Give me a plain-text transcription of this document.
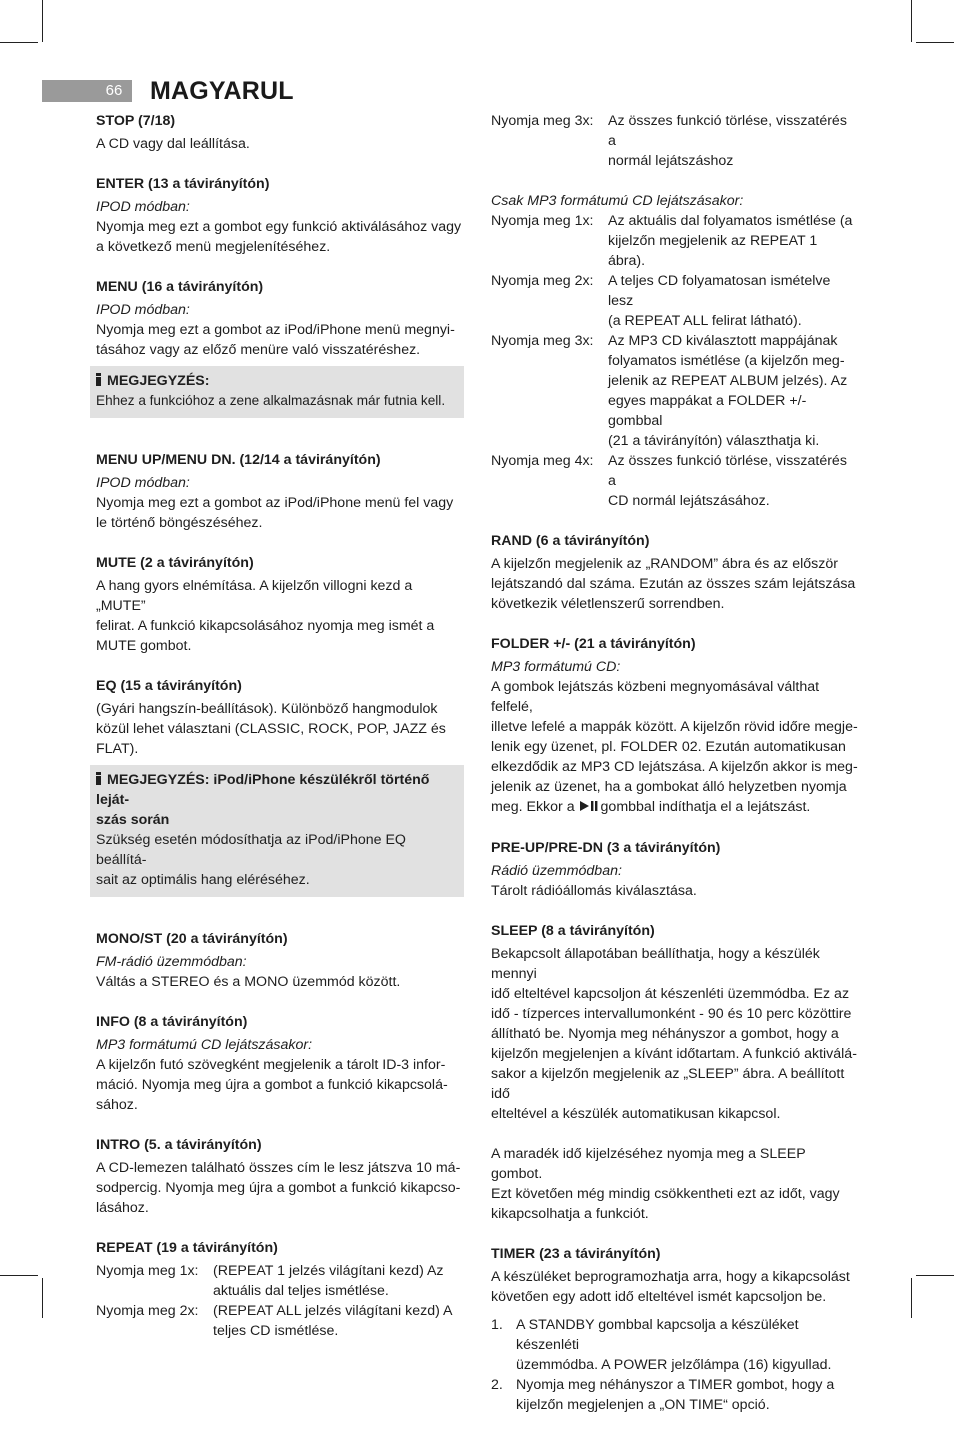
66	MAGYARUL

STOP (7/18)

A CD vagy dal leállítása.

ENTER (13 a távirányítón)

IPOD módban:

Nyomja meg ezt a gombot egy funkció aktiválásához vagy

a következő menü megjelenítéséhez.

MENU (16 a távirányítón)

IPOD módban:

Nyomja meg ezt a gombot az iPod/iPhone menü megnyi-

tásához vagy az előző menüre való visszatéréshez.

MEGJEGYZÉS:

Ehhez a funkcióhoz a zene alkalmazásnak már futnia kell.

MENU UP/MENU DN. (12/14 a távirányítón)

IPOD módban:

Nyomja meg ezt a gombot az iPod/iPhone menü fel vagy

le történő böngészéséhez.

MUTE (2 a távirányítón)

A hang gyors elnémítása. A kijelzőn villogni kezd a „MUTE”

felirat. A funkció kikapcsolásához nyomja meg ismét a

MUTE gombot.

EQ (15 a távirányítón)

(Gyári hangszín-beállítások). Különböző hangmodulok

közül lehet választani (CLASSIC, ROCK, POP, JAZZ és FLAT).

MEGJEGYZÉS: iPod/iPhone készülékről történő leját-

szás során

Szükség esetén módosíthatja az iPod/iPhone EQ beállítá-

sait az optimális hang eléréséhez.

MONO/ST (20 a távirányítón)

FM-rádió üzemmódban:

Váltás a STEREO és a MONO üzemmód között.

INFO (8 a távirányítón)

MP3 formátumú CD lejátszásakor:

A kijelzőn futó szövegként megjelenik a tárolt ID-3 infor-

máció. Nyomja meg újra a gombot a funkció kikapcsolá-

sához.

INTRO (5. a távirányítón)

A CD-lemezen található összes cím le lesz játszva 10 má-

sodpercig. Nyomja meg újra a gombot a funkció kikapcso-

lásához.

REPEAT (19 a távirányítón)

Nyomja meg 1x:	(REPEAT 1 jelzés világítani kezd) Az

aktuális dal teljes ismétlése.

Nyomja meg 2x:	(REPEAT ALL jelzés világítani kezd) A

teljes CD ismétlése.

Nyomja meg 3x:	Az összes funkció törlése, visszatérés a

normál lejátszáshoz

Csak MP3 formátumú CD lejátszásakor:

Nyomja meg 1x:	Az aktuális dal folyamatos ismétlése (a

kijelzőn megjelenik az REPEAT 1 ábra).

Nyomja meg 2x:	A teljes CD folyamatosan ismételve lesz

(a REPEAT ALL felirat látható).

Nyomja meg 3x:	Az MP3 CD kiválasztott mappájának

folyamatos ismétlése (a kijelzőn meg-

jelenik az REPEAT ALBUM jelzés). Az

egyes mappákat a FOLDER +/- gombbal

(21 a távirányítón) választhatja ki.

Nyomja meg 4x:	Az összes funkció törlése, visszatérés a

CD normál lejátszásához.

RAND (6 a távirányítón)

A kijelzőn megjelenik az „RANDOM” ábra és az először

lejátszandó dal száma. Ezután az összes szám lejátszása

következik véletlenszerű sorrendben.

FOLDER +/- (21 a távirányítón)

MP3 formátumú CD:

A gombok lejátszás közbeni megnyomásával válthat felfelé,

illetve lefelé a mappák között. A kijelzőn rövid időre megje-

lenik egy üzenet, pl. FOLDER 02. Ezután automatikusan

elkezdődik az MP3 CD lejátszása. A kijelzőn akkor is meg-

jelenik az üzenet, ha a gombokat álló helyzetben nyomja

meg. Ekkor a gombbal indíthatja el a lejátszást.

PRE-UP/PRE-DN (3 a távirányítón)

Rádió üzemmódban:

Tárolt rádióállomás kiválasztása.

SLEEP (8 a távirányítón)

Bekapcsolt állapotában beállíthatja, hogy a készülék mennyi

idő elteltével kapcsoljon át készenléti üzemmódba. Ez az

idő - tízperces intervallumonként - 90 és 10 perc közöttire

állítható be. Nyomja meg néhányszor a gombot, hogy a

kijelzőn megjelenjen a kívánt időtartam. A funkció aktiválá-

sakor a kijelzőn megjelenik az „SLEEP” ábra. A beállított idő

elteltével a készülék automatikusan kikapcsol.

A maradék idő kijelzéséhez nyomja meg a SLEEP gombot.

Ezt követően még mindig csökkentheti ezt az időt, vagy

kikapcsolhatja a funkciót.

TIMER (23 a távirányítón)

A készüléket beprogramozhatja arra, hogy a kikapcsolást

követően egy adott idő elteltével ismét kapcsoljon be.

1. A STANDBY gombbal kapcsolja a készüléket készenléti

üzemmódba. A POWER jelzőlámpa (16) kigyullad.

2. Nyomja meg néhányszor a TIMER gombot, hogy a

kijelzőn megjelenjen a „ON TIME“ opció.
